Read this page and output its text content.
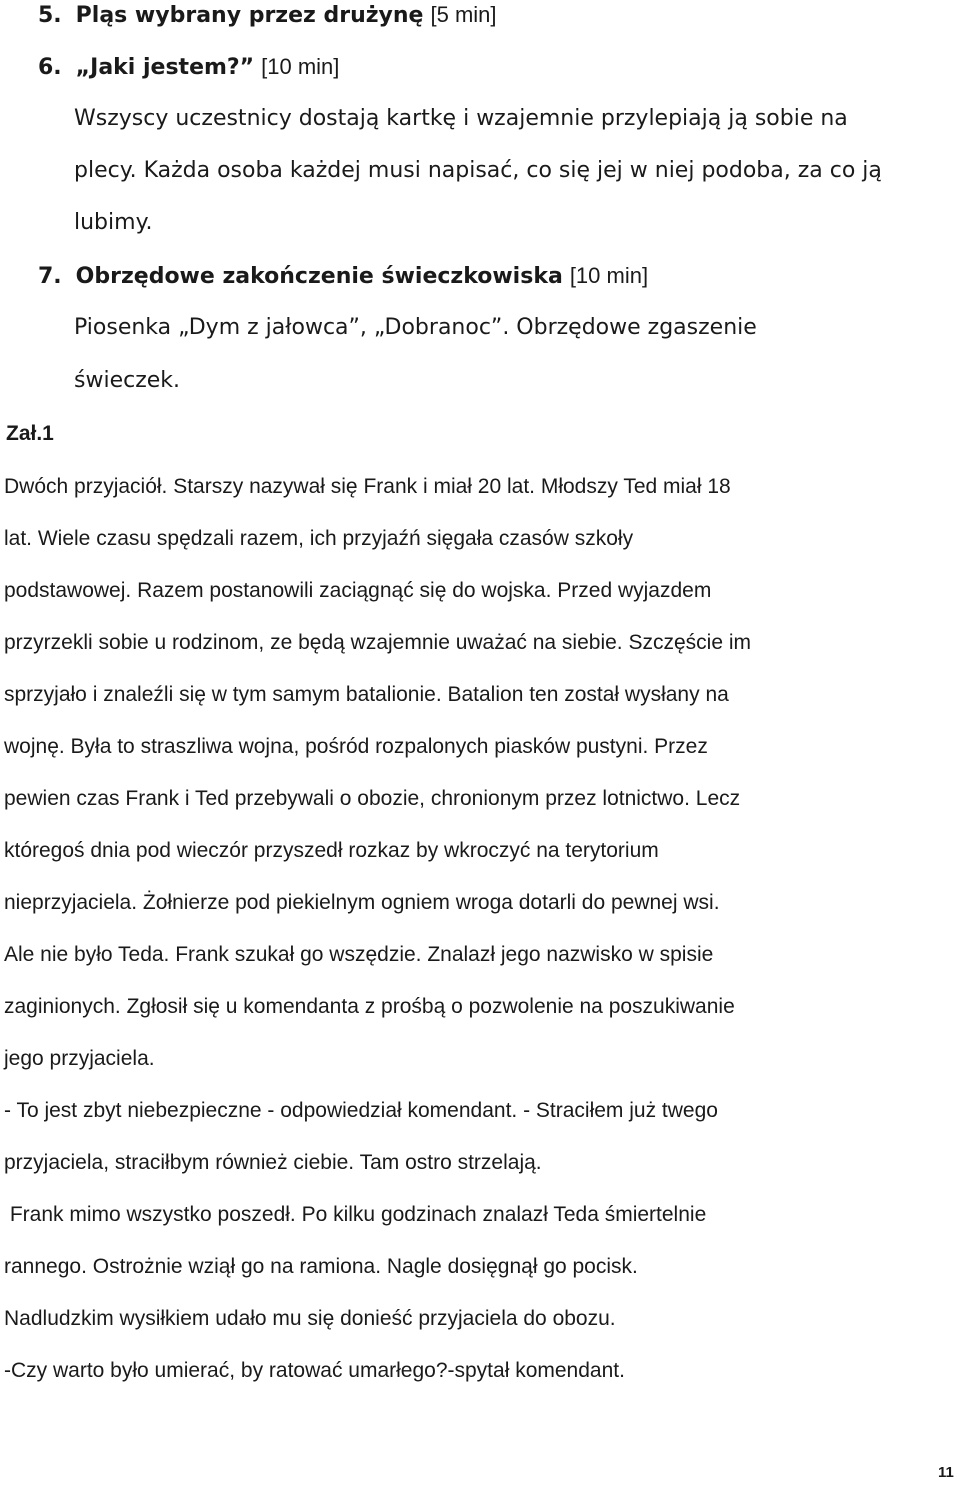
5. Pląs wybrany przez drużynę [5 min]
6. „Jaki jestem?” [10 min]
Wszyscy uczestnicy dostają kartkę i wzajemnie przylepiają ją sobie na
plecy. Każda osoba każdej musi napisać, co się jej w niej podoba, za co ją
lubimy.
7. Obrzędowe zakończenie świeczkowiska [10 min]
Piosenka „Dym z jałowca”, „Dobranoc”. Obrzędowe zgaszenie
świeczek.
Zał.1
Dwóch przyjaciół. Starszy nazywał się Frank i miał 20 lat. Młodszy Ted miał 18
lat. Wiele czasu spędzali razem, ich przyjaźń sięgała czasów szkoły
podstawowej. Razem postanowili zaciągnąć się do wojska. Przed wyjazdem
przyrzekli sobie u rodzinom, ze będą wzajemnie uważać na siebie. Szczęście im
sprzyjało i znaleźli się w tym samym batalionie. Batalion ten został wysłany na
wojnę. Była to straszliwa wojna, pośród rozpalonych piasków pustyni. Przez
pewien czas Frank i Ted przebywali o obozie, chronionym przez lotnictwo. Lecz
któregoś dnia pod wieczór przyszedł rozkaz by wkroczyć na terytorium
nieprzyjaciela. Żołnierze pod piekielnym ogniem wroga dotarli do pewnej wsi.
Ale nie było Teda. Frank szukał go wszędzie. Znalazł jego nazwisko w spisie
zaginionych. Zgłosił się u komendanta z prośbą o pozwolenie na poszukiwanie
jego przyjaciela.
- To jest zbyt niebezpieczne - odpowiedział komendant. - Straciłem już twego
przyjaciela, straciłbym również ciebie. Tam ostro strzelają.
Frank mimo wszystko poszedł. Po kilku godzinach znalazł Teda śmiertelnie
rannego. Ostrożnie wziął go na ramiona. Nagle dosięgnął go pocisk.
Nadludzkim wysiłkiem udało mu się donieść przyjaciela do obozu.
-Czy warto było umierać, by ratować umarłego?-spytał komendant.
11
